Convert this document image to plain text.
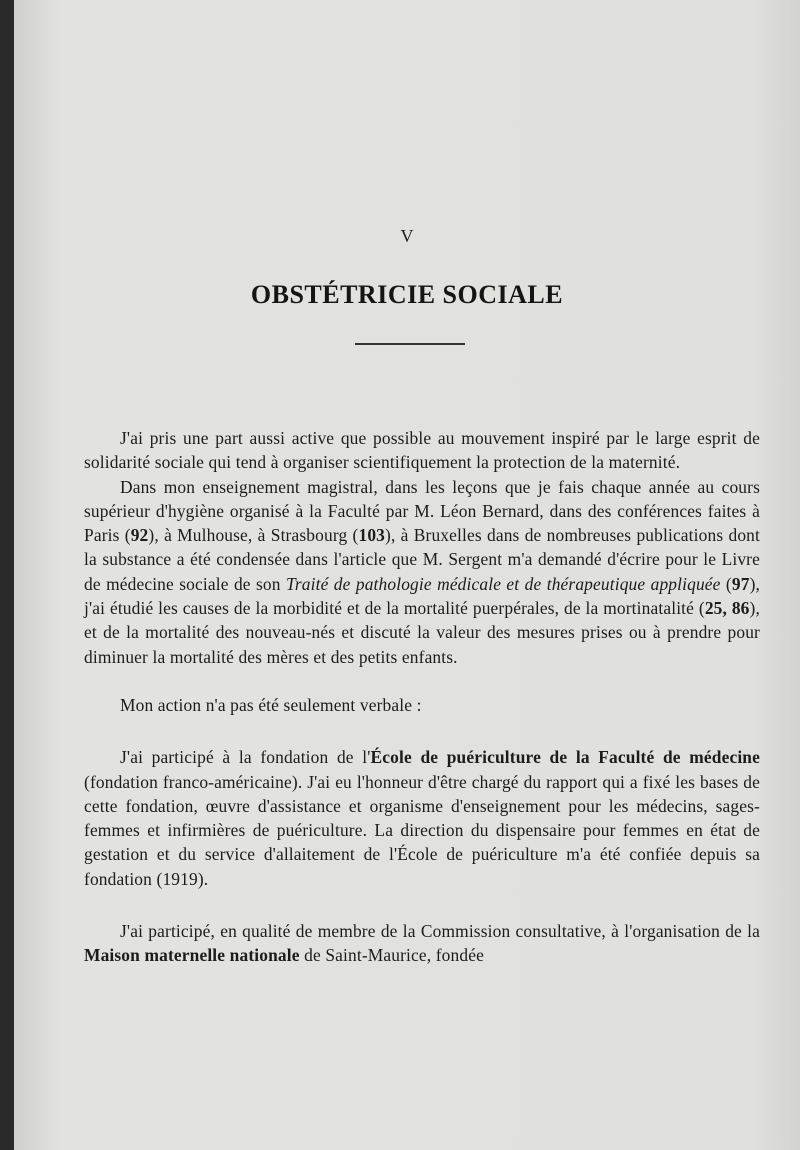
V
OBSTÉTRICIE SOCIALE

J'ai pris une part aussi active que possible au mouvement inspiré par le large esprit de solidarité sociale qui tend à organiser scientifiquement la protection de la maternité.

Dans mon enseignement magistral, dans les leçons que je fais chaque année au cours supérieur d'hygiène organisé à la Faculté par M. Léon Bernard, dans des conférences faites à Paris (92), à Mulhouse, à Strasbourg (103), à Bruxelles dans de nombreuses publications dont la substance a été condensée dans l'article que M. Sergent m'a demandé d'écrire pour le Livre de médecine sociale de son Traité de pathologie médicale et de thérapeutique appliquée (97), j'ai étudié les causes de la morbidité et de la mortalité puerpérales, de la mortinatalité (25, 86), et de la mortalité des nouveau-nés et discuté la valeur des mesures prises ou à prendre pour diminuer la mortalité des mères et des petits enfants.

Mon action n'a pas été seulement verbale :

J'ai participé à la fondation de l'École de puériculture de la Faculté de médecine (fondation franco-américaine). J'ai eu l'honneur d'être chargé du rapport qui a fixé les bases de cette fondation, œuvre d'assistance et organisme d'enseignement pour les médecins, sages-femmes et infirmières de puériculture. La direction du dispensaire pour femmes en état de gestation et du service d'allaitement de l'École de puériculture m'a été confiée depuis sa fondation (1919).

J'ai participé, en qualité de membre de la Commission consultative, à l'organisation de la Maison maternelle nationale de Saint-Maurice, fondée
